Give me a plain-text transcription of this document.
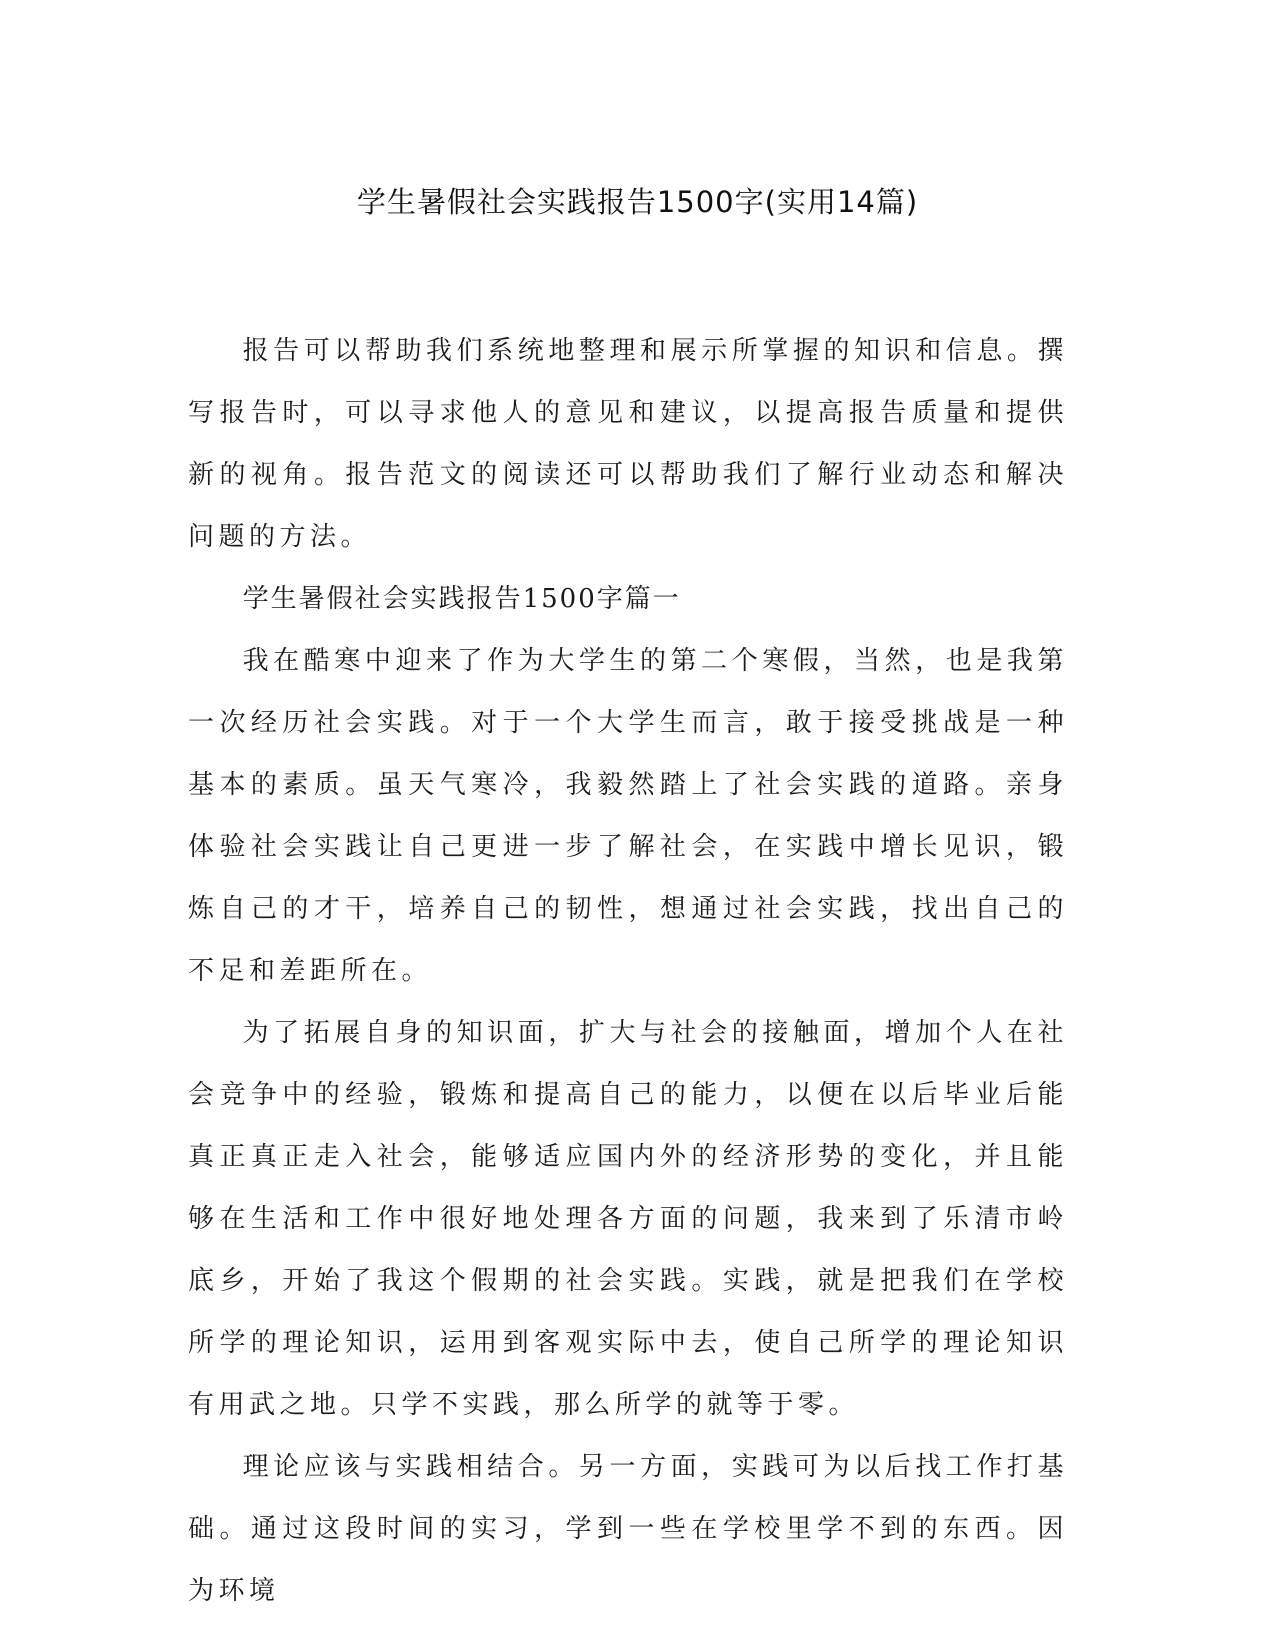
学生暑假社会实践报告1500字(实用14篇)

报告可以帮助我们系统地整理和展示所掌握的知识和信息。撰写报告时，可以寻求他人的意见和建议，以提高报告质量和提供新的视角。报告范文的阅读还可以帮助我们了解行业动态和解决问题的方法。

学生暑假社会实践报告1500字篇一

我在酷寒中迎来了作为大学生的第二个寒假，当然，也是我第一次经历社会实践。对于一个大学生而言，敢于接受挑战是一种基本的素质。虽天气寒冷，我毅然踏上了社会实践的道路。亲身体验社会实践让自己更进一步了解社会，在实践中增长见识，锻炼自己的才干，培养自己的韧性，想通过社会实践，找出自己的不足和差距所在。

为了拓展自身的知识面，扩大与社会的接触面，增加个人在社会竞争中的经验，锻炼和提高自己的能力，以便在以后毕业后能真正真正走入社会，能够适应国内外的经济形势的变化，并且能够在生活和工作中很好地处理各方面的问题，我来到了乐清市岭底乡，开始了我这个假期的社会实践。实践，就是把我们在学校所学的理论知识，运用到客观实际中去，使自己所学的理论知识有用武之地。只学不实践，那么所学的就等于零。

理论应该与实践相结合。另一方面，实践可为以后找工作打基础。通过这段时间的实习，学到一些在学校里学不到的东西。因为环境
